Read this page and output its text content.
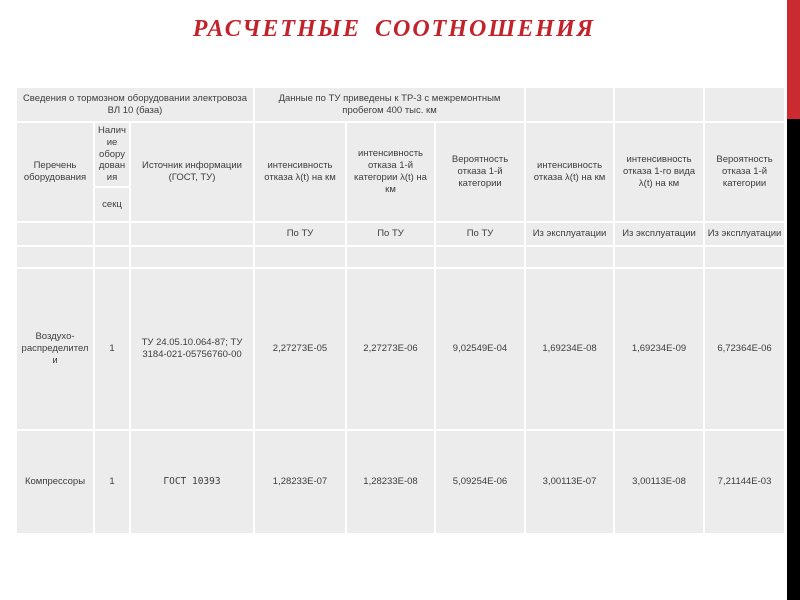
РАСЧЕТНЫЕ СООТНОШЕНИЯ
Сведения о тормозном оборудовании электровоза ВЛ 10 (база)			Данные по ТУ приведены к ТР-3 с межремонтным пробегом 400 тыс. км					
Перечень оборудования	Наличие оборудования	Источник информации (ГОСТ, ТУ)	интенсивность отказа λ(t) на км	интенсивность отказа 1-й категории λ(t) на км	Вероятность отказа 1-й категории	интенсивность отказа λ(t) на км	интенсивность отказа 1-го вида λ(t) на км	Вероятность отказа 1-й категории
	секц							
			По ТУ	По ТУ	По ТУ	Из эксплуатации	Из эксплуатации	Из эксплуатации

Воздухо-распределители	1	ТУ 24.05.10.064-87; ТУ 3184-021-05756760-00	2,27273E-05	2,27273E-06	9,02549E-04	1,69234E-08	1,69234E-09	6,72364E-06
Компрессоры	1	ГОСТ 10393	1,28233E-07	1,28233E-08	5,09254E-06	3,00113E-07	3,00113E-08	7,21144E-03
